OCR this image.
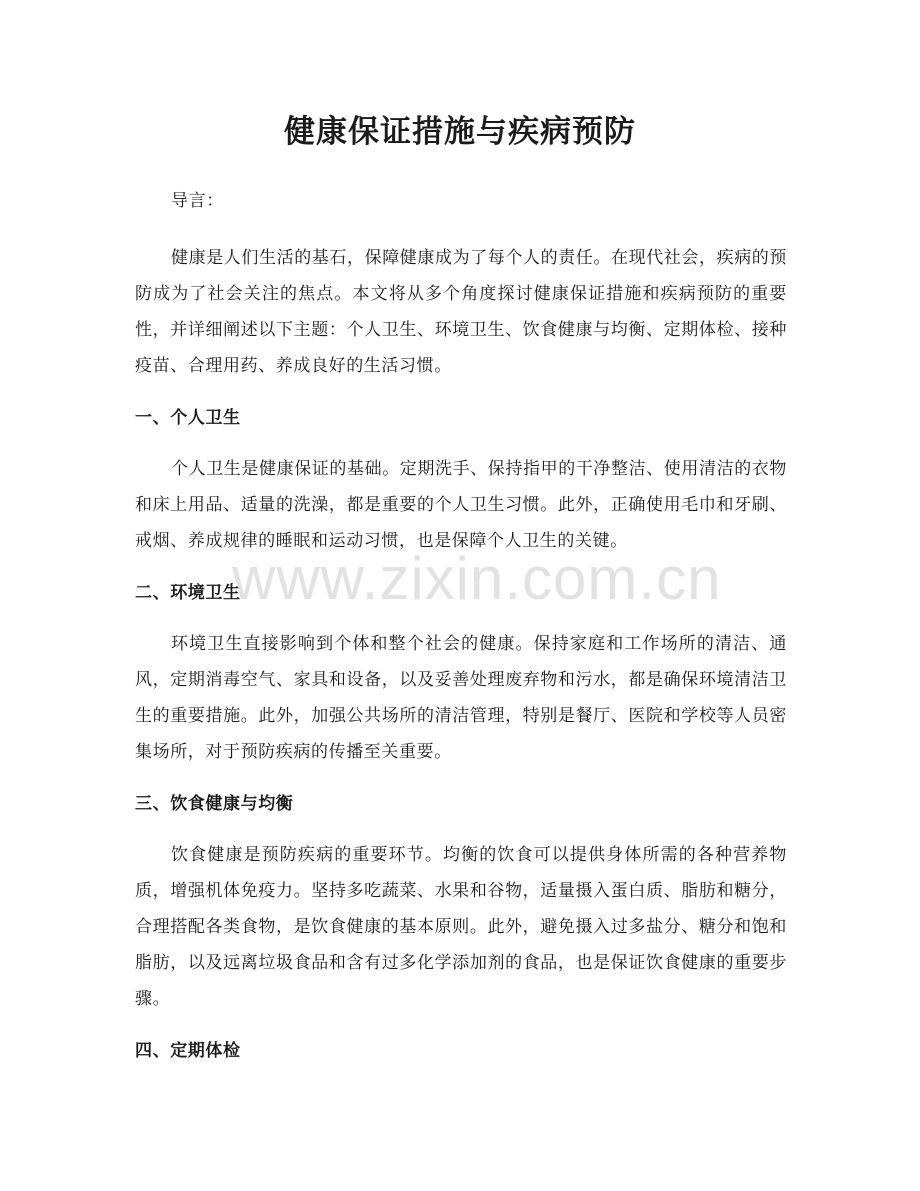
健康保证措施与疾病预防

导言：

健康是人们生活的基石，保障健康成为了每个人的责任。在现代社会，疾病的预防成为了社会关注的焦点。本文将从多个角度探讨健康保证措施和疾病预防的重要性，并详细阐述以下主题：个人卫生、环境卫生、饮食健康与均衡、定期体检、接种疫苗、合理用药、养成良好的生活习惯。

一、个人卫生

个人卫生是健康保证的基础。定期洗手、保持指甲的干净整洁、使用清洁的衣物和床上用品、适量的洗澡，都是重要的个人卫生习惯。此外，正确使用毛巾和牙刷、戒烟、养成规律的睡眠和运动习惯，也是保障个人卫生的关键。

二、环境卫生

环境卫生直接影响到个体和整个社会的健康。保持家庭和工作场所的清洁、通风，定期消毒空气、家具和设备，以及妥善处理废弃物和污水，都是确保环境清洁卫生的重要措施。此外，加强公共场所的清洁管理，特别是餐厅、医院和学校等人员密集场所，对于预防疾病的传播至关重要。

三、饮食健康与均衡

饮食健康是预防疾病的重要环节。均衡的饮食可以提供身体所需的各种营养物质，增强机体免疫力。坚持多吃蔬菜、水果和谷物，适量摄入蛋白质、脂肪和糖分，合理搭配各类食物，是饮食健康的基本原则。此外，避免摄入过多盐分、糖分和饱和脂肪，以及远离垃圾食品和含有过多化学添加剂的食品，也是保证饮食健康的重要步骤。

四、定期体检
www.zixin.com.cn
